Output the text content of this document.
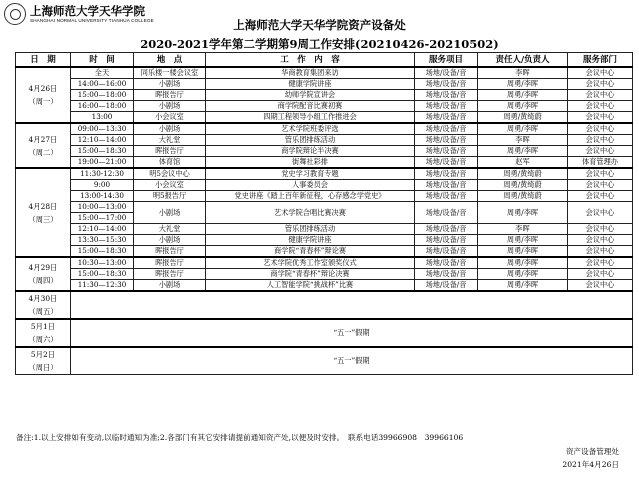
上海师范大学天华学院
SHANGHAI NORMAL UNIVERSITY TIANHUA COLLEGE	上海师范大学天华学院资产设备处
2020-2021学年第二学期第9周工作安排(20210426-20210502)
日　期	时　间	地　点	工　作　内　容	服务项目	责任人/负责人	服务部门

4月26日
（周一）	全天	同乐楼一楼会议室	华商教育集团来访	场地/设备/音	李晖	会议中心
	14:00—16:00	小剧场	健康学院讲座	场地/设备/音	周勇/李晖	会议中心
	15:00—18:00	晖报告厅	幼师学院宣讲会	场地/设备/音	周勇/李晖	会议中心
	16:00—18:00	小剧场	商学院配音比赛初赛	场地/设备/音	周勇/李晖	会议中心
	13:00	小会议室	四期工程领导小组工作推进会	场地/设备/音	周勇/黄绮蔚	会议中心

4月27日
（周二）	09:00—13:30	小剧场	艺术学院班委评选	场地/设备/音	周勇/李晖	会议中心
	12:10—14:00	大礼堂	管乐团排练活动	场地/设备/音	李晖	会议中心
	15:00—18:30	晖报告厅	商学院辩论半决赛	场地/设备/音	周勇/李晖	会议中心
	19:00—21:00	体育馆	街舞社彩排	场地/设备/音	赵军	体育管理办

4月28日
（周三）	11:30-12:30	明5会议中心	党史学习教育专题	场地/设备/音	周勇/黄绮蔚	会议中心
	9:00	小会议室	人事委员会	场地/设备/音	周勇/黄绮蔚	会议中心
	13:00-14:30	明5报告厅	党史讲座《踏上百年新征程，心存感念学党史》	场地/设备/音	周勇/黄绮蔚	会议中心
	10:00—13:00	小剧场	艺术学院合唱比赛决赛	场地/设备/音	周勇/李晖	会议中心
	15:00—17:00					
	12:10—14:00	大礼堂	管乐团排练活动	场地/设备/音	李晖	会议中心
	13:30—15:30	小剧场	健康学院讲座	场地/设备/音	周勇/李晖	会议中心
	15:00—18:30	晖报告厅	商学院“青春杯”辩论赛	场地/设备/音	周勇/李晖	会议中心

4月29日
（周四）	10:30—13:00	晖报告厅	艺术学院优秀工作室颁奖仪式	场地/设备/音	周勇/李晖	会议中心
	15:00—18:30	晖报告厅	商学院“青春杯”辩论决赛	场地/设备/音	周勇/李晖	会议中心
	11:30—12:30	小剧场	人工智能学院“挑战杯”比赛	场地/设备/音	周勇/李晖	会议中心

4月30日
（周五）						

5月1日
（周六）	“五一”假期					

5月2日
（周日）	“五一”假期					
备注:1.以上安排如有变动,以临时通知为准;2.各部门有其它安排请提前通知资产处,以便及时安排。　联系电话39966908　39966106
资产设备管理处
2021年4月26日
